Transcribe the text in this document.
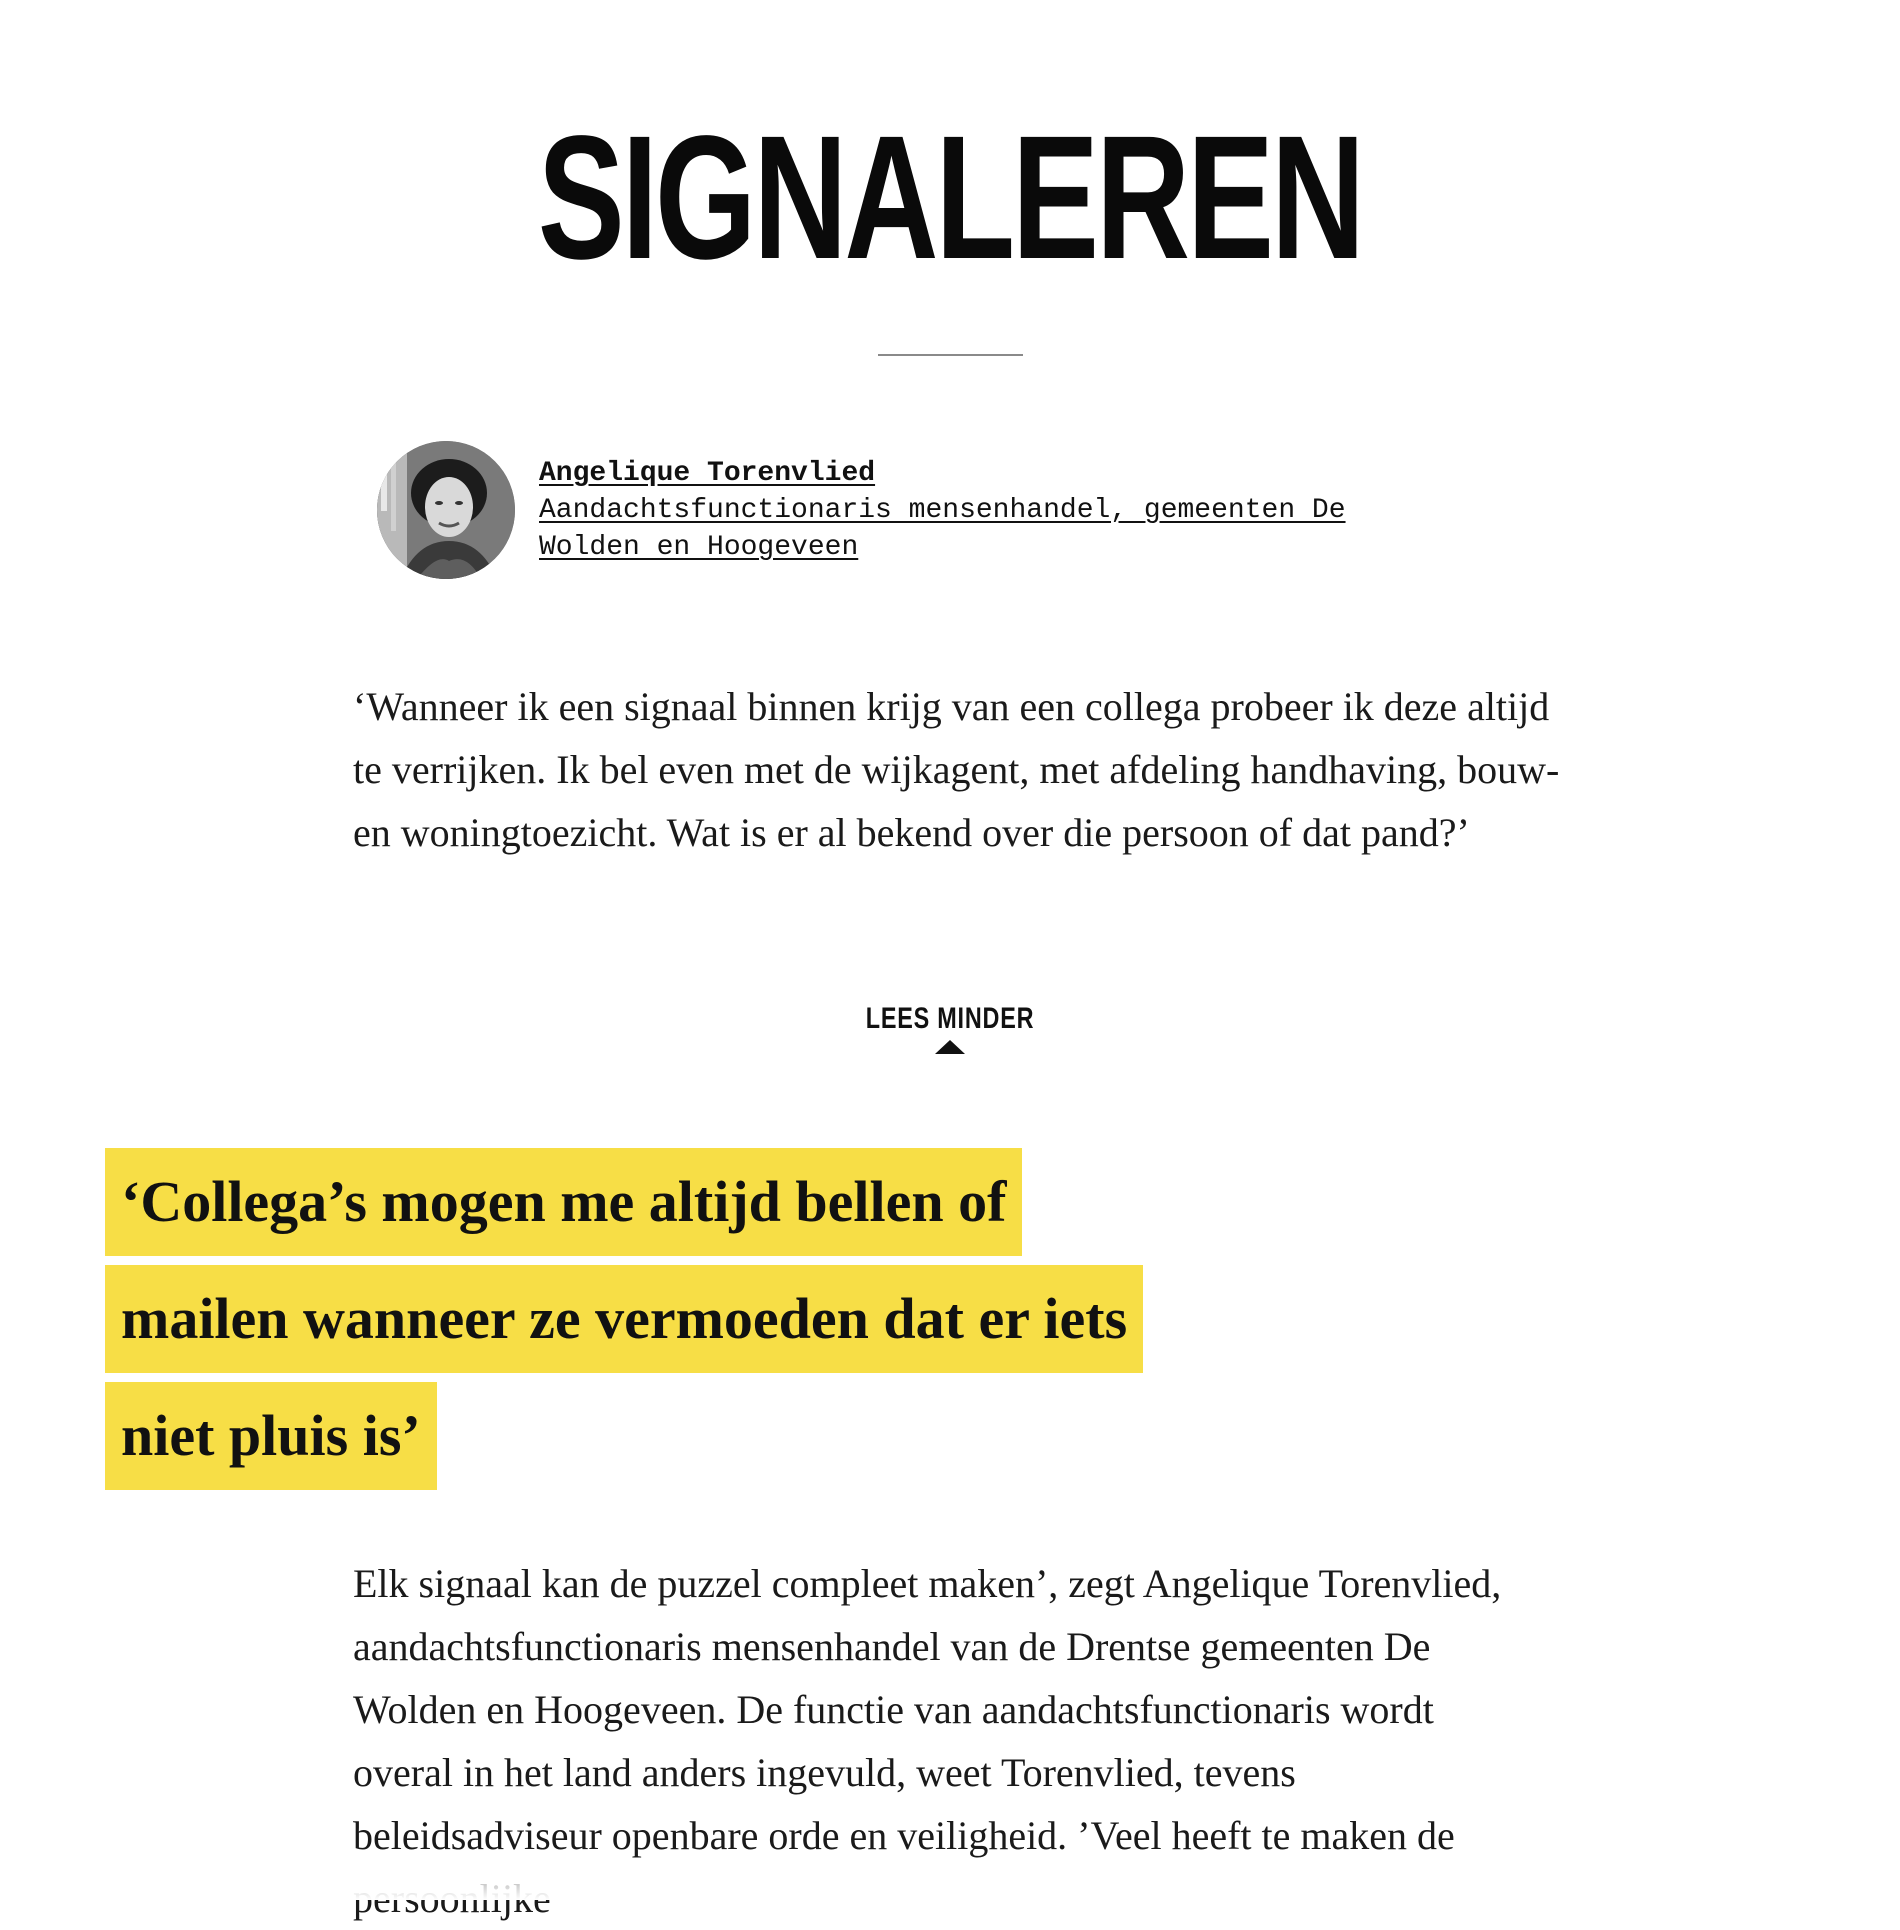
SIGNALEREN
Angelique Torenvlied
Aandachtsfunctionaris mensenhandel, gemeenten De Wolden en Hoogeveen

‘Wanneer ik een signaal binnen krijg van een collega probeer ik deze altijd te verrijken. Ik bel even met de wijkagent, met afdeling handhaving, bouw- en woningtoezicht. Wat is er al bekend over die persoon of dat pand?’

LEES MINDER
‘Collega’s mogen me altijd bellen of
mailen wanneer ze vermoeden dat er iets
niet pluis is’

Elk signaal kan de puzzel compleet maken’, zegt Angelique Torenvlied, aandachtsfunctionaris mensenhandel van de Drentse gemeenten De Wolden en Hoogeveen. De functie van aandachtsfunctionaris wordt overal in het land anders ingevuld, weet Torenvlied, tevens beleidsadviseur openbare orde en veiligheid. ’Veel heeft te maken de
